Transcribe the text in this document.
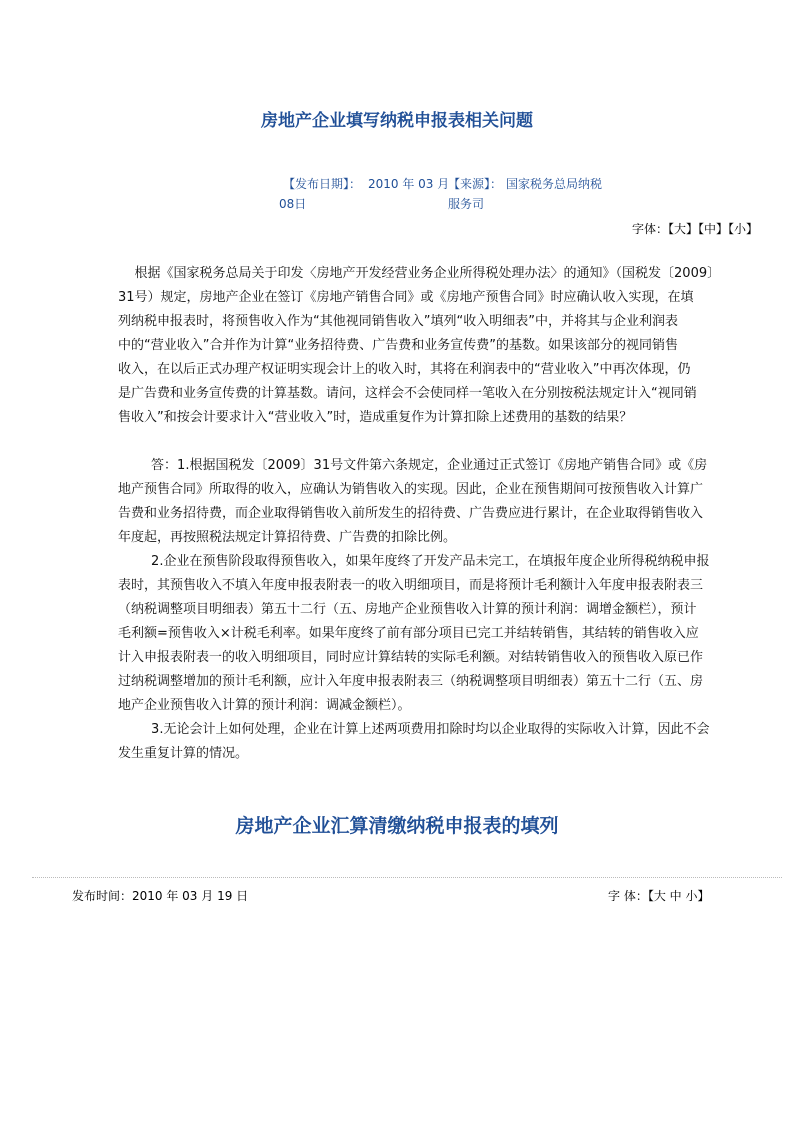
房地产企业填写纳税申报表相关问题
【发布日期】： 2010 年 03 月
【来源】： 国家税务总局纳税
08日	服务司
字体：【大】【中】【小】
根据《国家税务总局关于印发〈房地产开发经营业务企业所得税处理办法〉的通知》（国税发〔2009〕
31号）规定，房地产企业在签订《房地产销售合同》或《房地产预售合同》时应确认收入实现，在填
列纳税申报表时，将预售收入作为“其他视同销售收入”填列“收入明细表”中，并将其与企业利润表
中的“营业收入”合并作为计算“业务招待费、广告费和业务宣传费”的基数。如果该部分的视同销售
收入，在以后正式办理产权证明实现会计上的收入时，其将在利润表中的“营业收入”中再次体现，仍
是广告费和业务宣传费的计算基数。请问，这样会不会使同样一笔收入在分别按税法规定计入“视同销
售收入”和按会计要求计入“营业收入”时，造成重复作为计算扣除上述费用的基数的结果？
答：1.根据国税发〔2009〕31号文件第六条规定，企业通过正式签订《房地产销售合同》或《房
地产预售合同》所取得的收入，应确认为销售收入的实现。因此，企业在预售期间可按预售收入计算广
告费和业务招待费，而企业取得销售收入前所发生的招待费、广告费应进行累计，在企业取得销售收入
年度起，再按照税法规定计算招待费、广告费的扣除比例。
2.企业在预售阶段取得预售收入，如果年度终了开发产品未完工，在填报年度企业所得税纳税申报
表时，其预售收入不填入年度申报表附表一的收入明细项目，而是将预计毛利额计入年度申报表附表三
（纳税调整项目明细表）第五十二行（五、房地产企业预售收入计算的预计利润：调增金额栏），预计
毛利额=预售收入×计税毛利率。如果年度终了前有部分项目已完工并结转销售，其结转的销售收入应
计入申报表附表一的收入明细项目，同时应计算结转的实际毛利额。对结转销售收入的预售收入原已作
过纳税调整增加的预计毛利额，应计入年度申报表附表三（纳税调整项目明细表）第五十二行（五、房
地产企业预售收入计算的预计利润：调减金额栏）。
3.无论会计上如何处理，企业在计算上述两项费用扣除时均以企业取得的实际收入计算，因此不会
发生重复计算的情况。
房地产企业汇算清缴纳税申报表的填列
发布时间：2010 年 03 月 19 日	字 体：【大 中 小】
